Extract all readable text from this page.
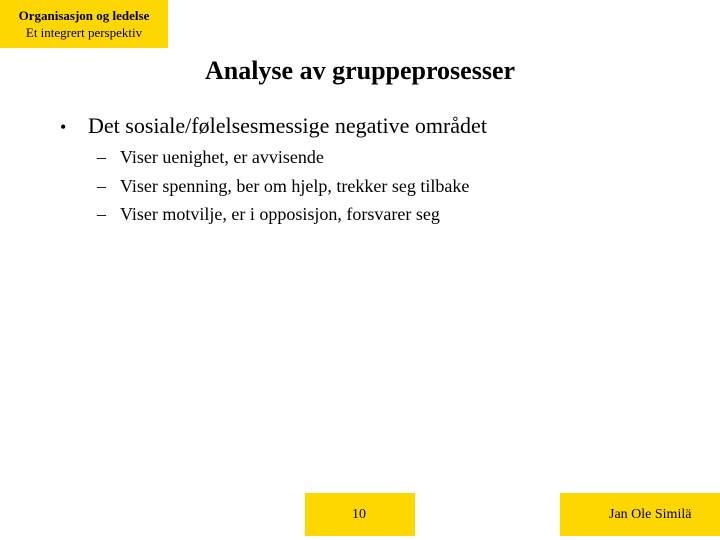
Organisasjon og ledelse
Et integrert perspektiv
Analyse av gruppeprosesser
• Det sosiale/følelsesmessige negative området
– Viser uenighet, er avvisende
– Viser spenning, ber om hjelp, trekker seg tilbake
– Viser motvilje, er i opposisjon, forsvarer seg
10	Jan Ole Similä
